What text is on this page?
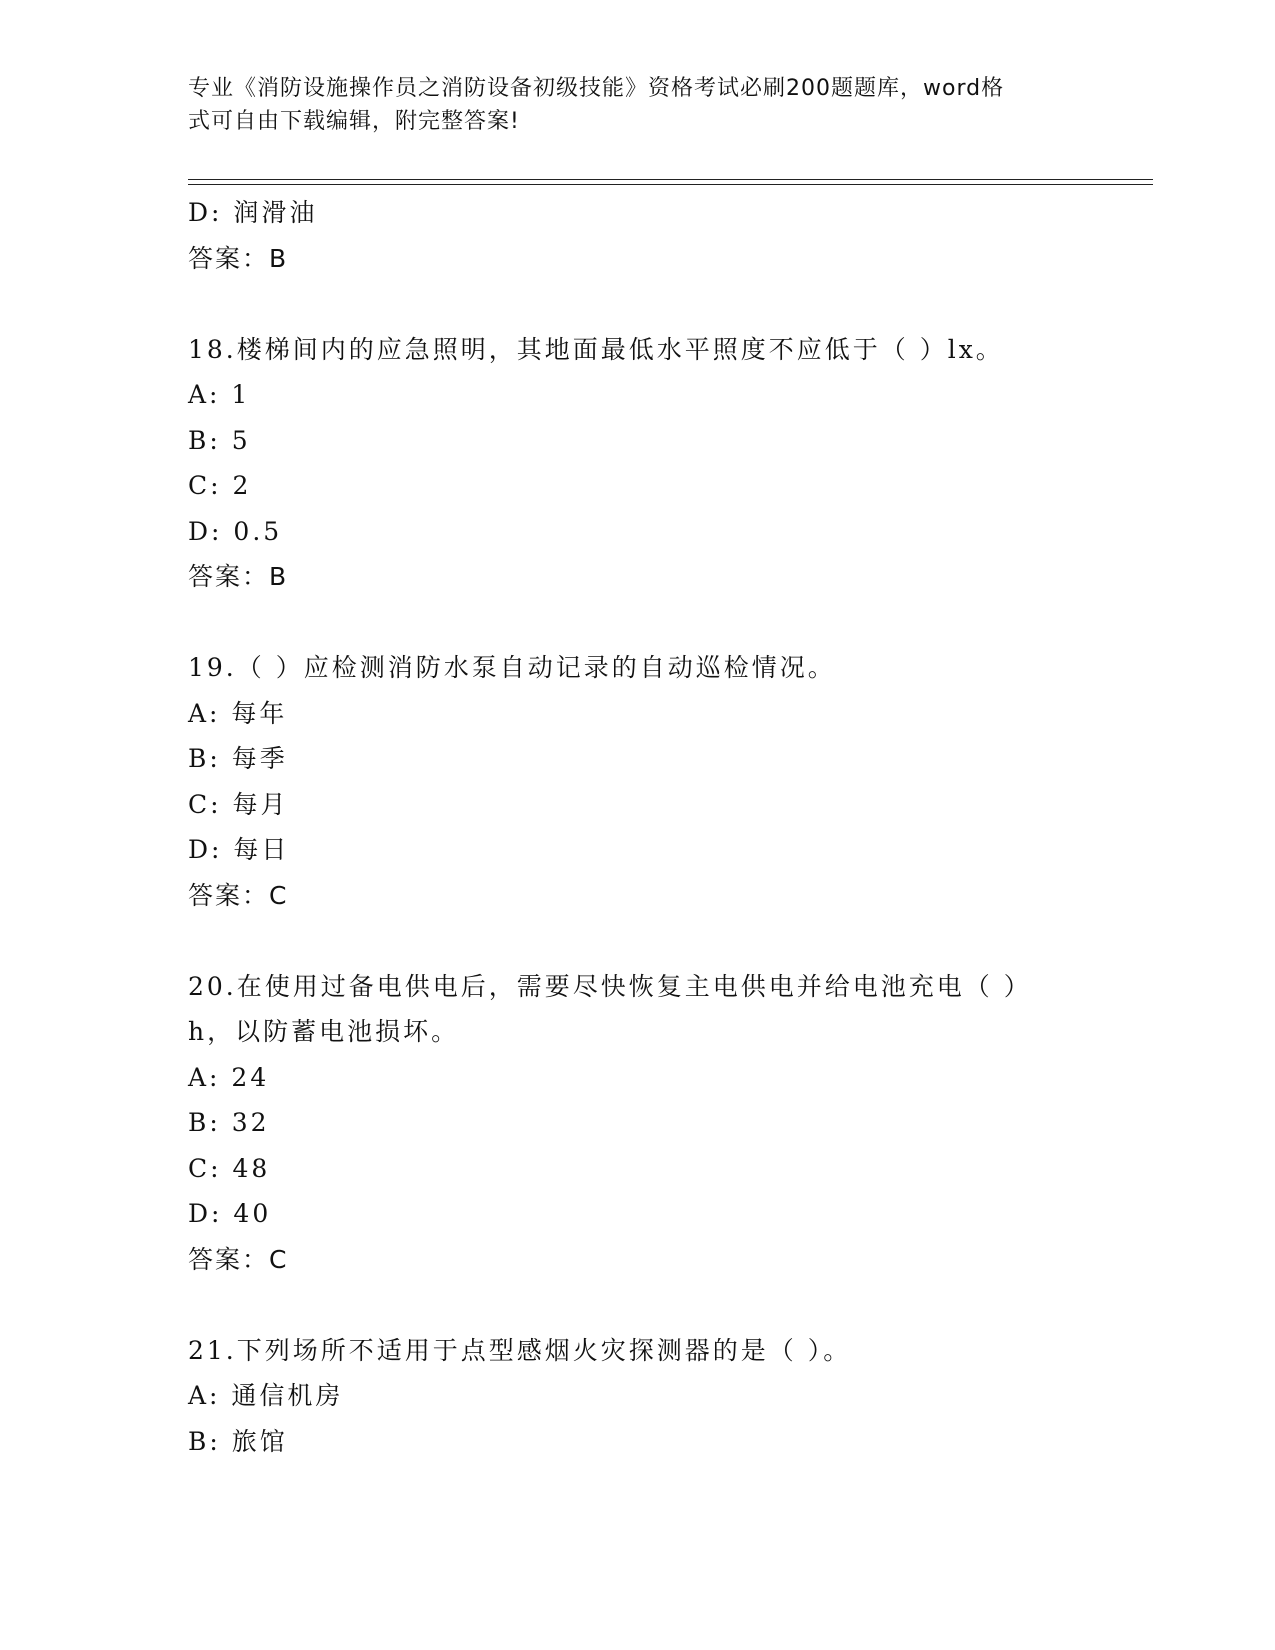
专业《消防设施操作员之消防设备初级技能》资格考试必刷200题题库，word格
式可自由下载编辑，附完整答案!
D: 润滑油
答案：B
18.楼梯间内的应急照明，其地面最低水平照度不应低于（ ）lx。
A: 1
B: 5
C: 2
D: 0.5
答案：B
19.（ ）应检测消防水泵自动记录的自动巡检情况。
A: 每年
B: 每季
C: 每月
D: 每日
答案：C
20.在使用过备电供电后，需要尽快恢复主电供电并给电池充电（ ）
h，以防蓄电池损坏。
A: 24
B: 32
C: 48
D: 40
答案：C
21.下列场所不适用于点型感烟火灾探测器的是（ ）。
A: 通信机房
B: 旅馆
